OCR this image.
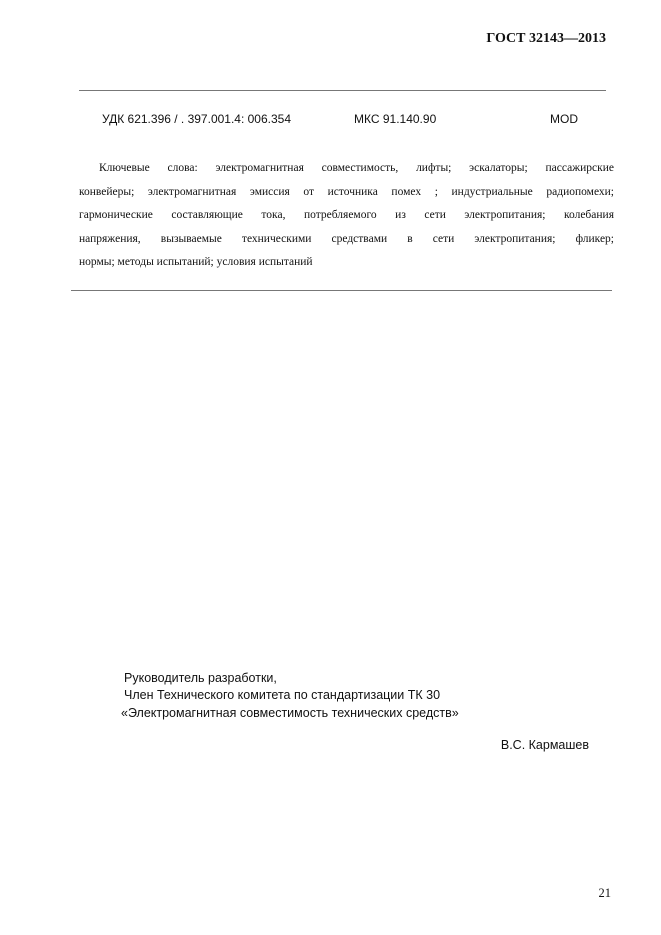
ГОСТ 32143—2013
УДК 621.396 / . 397.001.4: 006.354	МКС 91.140.90	MOD
Ключевые слова: электромагнитная совместимость, лифты; эскалаторы; пассажирские
конвейеры; электромагнитная эмиссия от источника помех ; индустриальные радиопомехи;
гармонические составляющие тока, потребляемого из сети электропитания; колебания
напряжения, вызываемые техническими средствами в сети электропитания; фликер;
нормы; методы испытаний; условия испытаний
Руководитель разработки,
Член Технического комитета по стандартизации ТК 30
«Электромагнитная совместимость технических средств»
В.С. Кармашев
21
